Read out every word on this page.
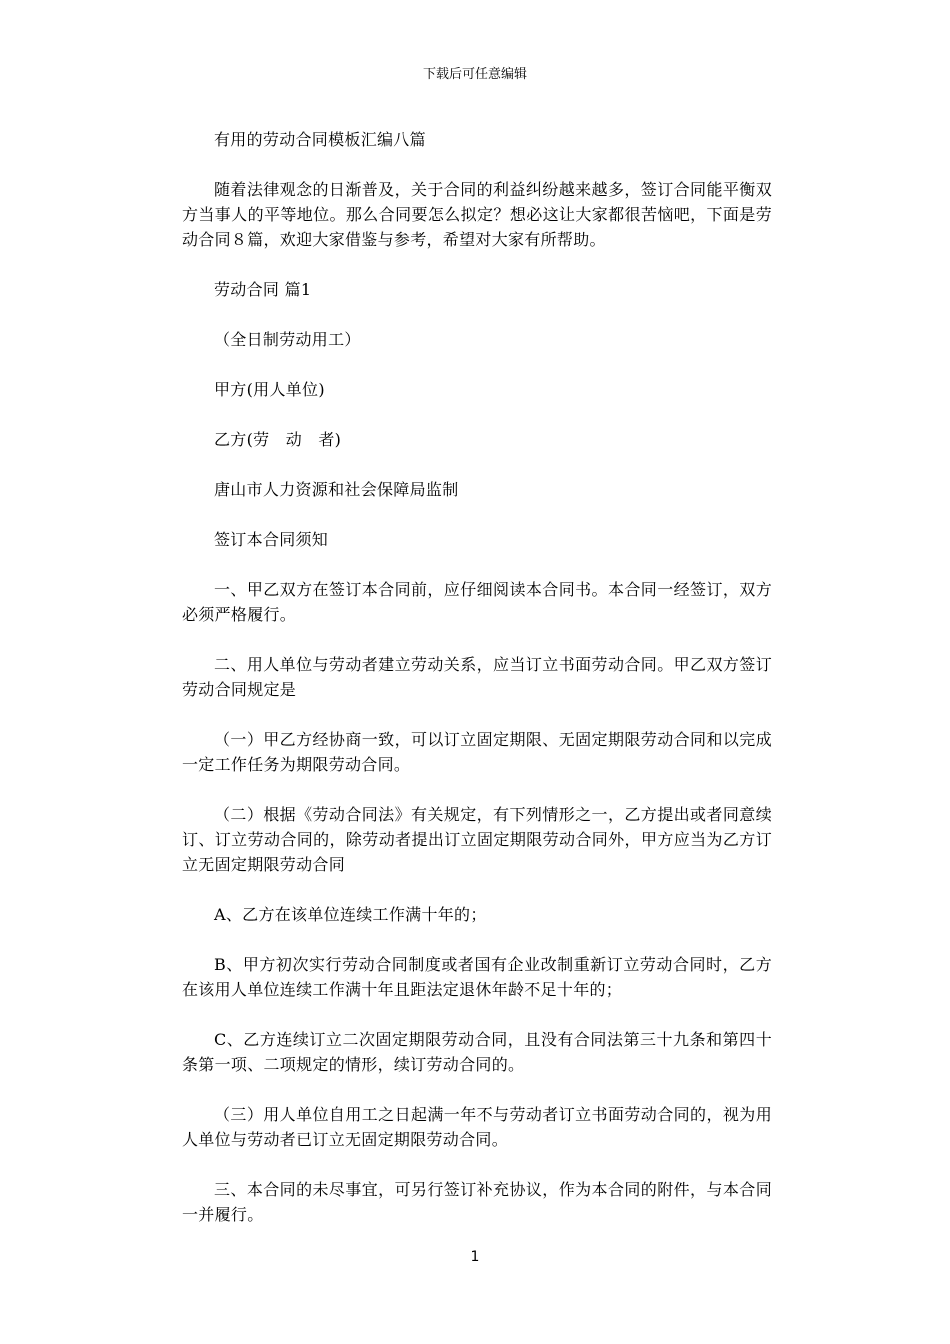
下载后可任意编辑

有用的劳动合同模板汇编八篇

随着法律观念的日渐普及，关于合同的利益纠纷越来越多，签订合同能平衡双方当事人的平等地位。那么合同要怎么拟定？想必这让大家都很苦恼吧，下面是劳动合同８篇，欢迎大家借鉴与参考，希望对大家有所帮助。

劳动合同 篇1

（全日制劳动用工）

甲方(用人单位)

乙方(劳　动　者)

唐山市人力资源和社会保障局监制

签订本合同须知

一、甲乙双方在签订本合同前，应仔细阅读本合同书。本合同一经签订，双方必须严格履行。

二、用人单位与劳动者建立劳动关系，应当订立书面劳动合同。甲乙双方签订劳动合同规定是

（一）甲乙方经协商一致，可以订立固定期限、无固定期限劳动合同和以完成一定工作任务为期限劳动合同。

（二）根据《劳动合同法》有关规定，有下列情形之一，乙方提出或者同意续订、订立劳动合同的，除劳动者提出订立固定期限劳动合同外，甲方应当为乙方订立无固定期限劳动合同

A、乙方在该单位连续工作满十年的；

B、甲方初次实行劳动合同制度或者国有企业改制重新订立劳动合同时，乙方在该用人单位连续工作满十年且距法定退休年龄不足十年的；

C、乙方连续订立二次固定期限劳动合同，且没有合同法第三十九条和第四十条第一项、二项规定的情形，续订劳动合同的。

（三）用人单位自用工之日起满一年不与劳动者订立书面劳动合同的，视为用人单位与劳动者已订立无固定期限劳动合同。

三、本合同的未尽事宜，可另行签订补充协议，作为本合同的附件，与本合同一并履行。

1
